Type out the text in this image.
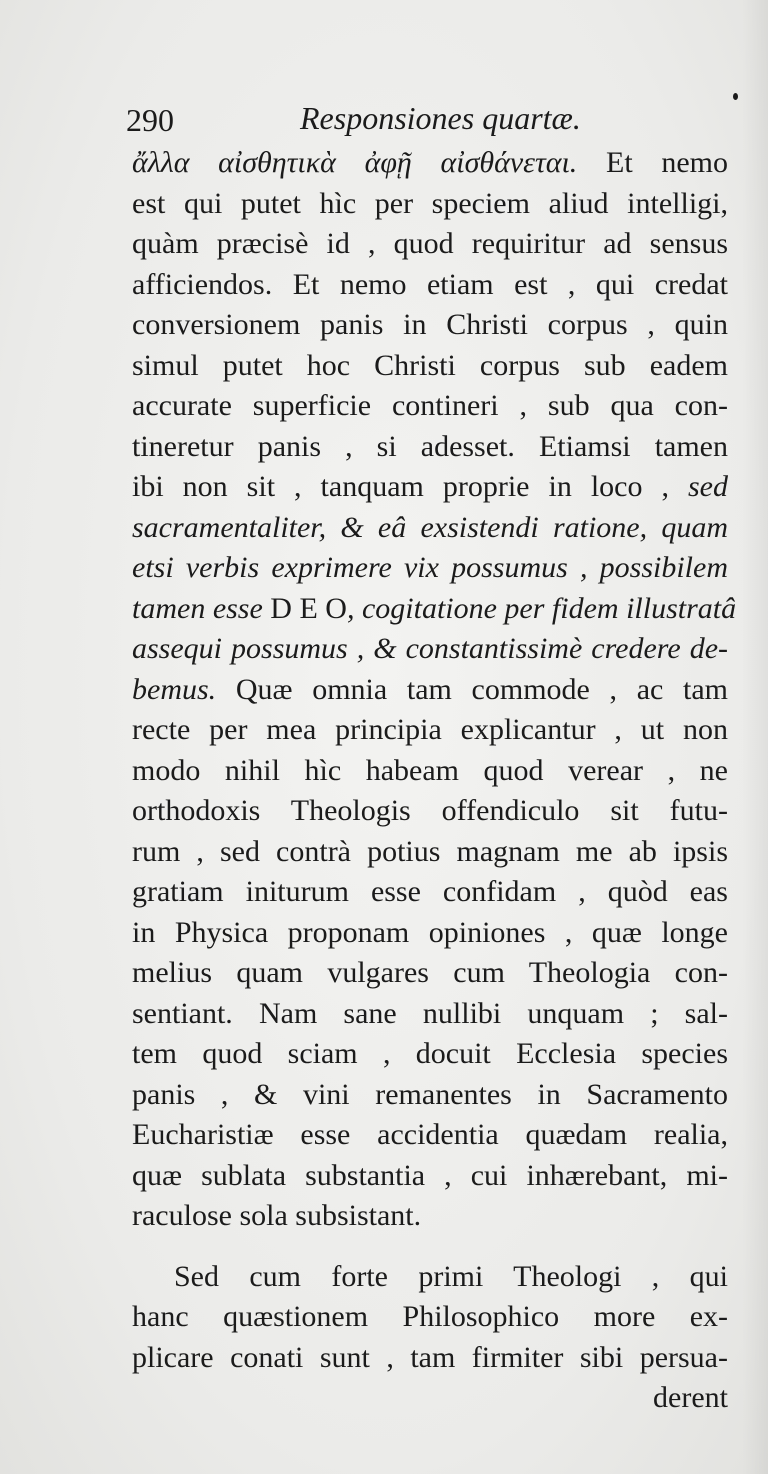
290	Responsiones quartæ.
ἄλλα αἰσθητικὰ ἀφῇ αἰσθάνεται. Et nemo
est qui putet hìc per speciem aliud intelligi,
quàm præcisè id , quod requiritur ad sensus
afficiendos. Et nemo etiam est , qui credat
conversionem panis in Christi corpus , quin
simul putet hoc Christi corpus sub eadem
accurate superficie contineri , sub qua con-
tineretur panis , si adesset. Etiamsi tamen
ibi non sit , tanquam proprie in loco , sed
sacramentaliter, & eâ exsistendi ratione, quam
etsi verbis exprimere vix possumus , possibilem
tamen esse D E O, cogitatione per fidem illustratâ
assequi possumus , & constantissimè credere de-
bemus. Quæ omnia tam commode , ac tam
recte per mea principia explicantur , ut non
modo nihil hìc habeam quod verear , ne
orthodoxis Theologis offendiculo sit futu-
rum , sed contrà potius magnam me ab ipsis
gratiam initurum esse confidam , quòd eas
in Physica proponam opiniones , quæ longe
melius quam vulgares cum Theologia con-
sentiant. Nam sane nullibi unquam ; sal-
tem quod sciam , docuit Ecclesia species
panis , & vini remanentes in Sacramento
Eucharistiæ esse accidentia quædam realia,
quæ sublata substantia , cui inhærebant, mi-
raculose sola subsistant.
Sed cum forte primi Theologi , qui
hanc quæstionem Philosophico more ex-
plicare conati sunt , tam firmiter sibi persua-
derent
